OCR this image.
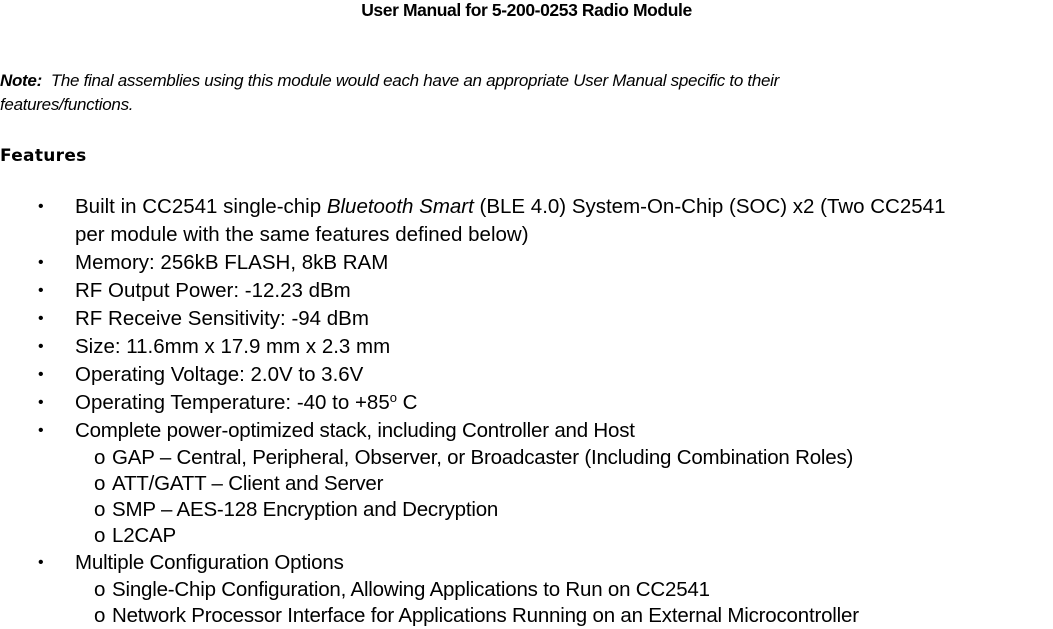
User Manual for 5-200-0253 Radio Module
Note: The final assemblies using this module would each have an appropriate User Manual specific to their
features/functions.
Features
• Built in CC2541 single-chip Bluetooth Smart (BLE 4.0) System-On-Chip (SOC) x2 (Two CC2541
per module with the same features defined below)
• Memory: 256kB FLASH, 8kB RAM
• RF Output Power: -12.23 dBm
• RF Receive Sensitivity: -94 dBm
• Size: 11.6mm x 17.9 mm x 2.3 mm
• Operating Voltage: 2.0V to 3.6V
• Operating Temperature: -40 to $+85^o$ C
• Complete power-optimized stack, including Controller and Host
o GAP – Central, Peripheral, Observer, or Broadcaster (Including Combination Roles)
o ATT/GATT – Client and Server
o SMP – AES-128 Encryption and Decryption
o L2CAP
• Multiple Configuration Options
o Single-Chip Configuration, Allowing Applications to Run on CC2541
o Network Processor Interface for Applications Running on an External Microcontroller
